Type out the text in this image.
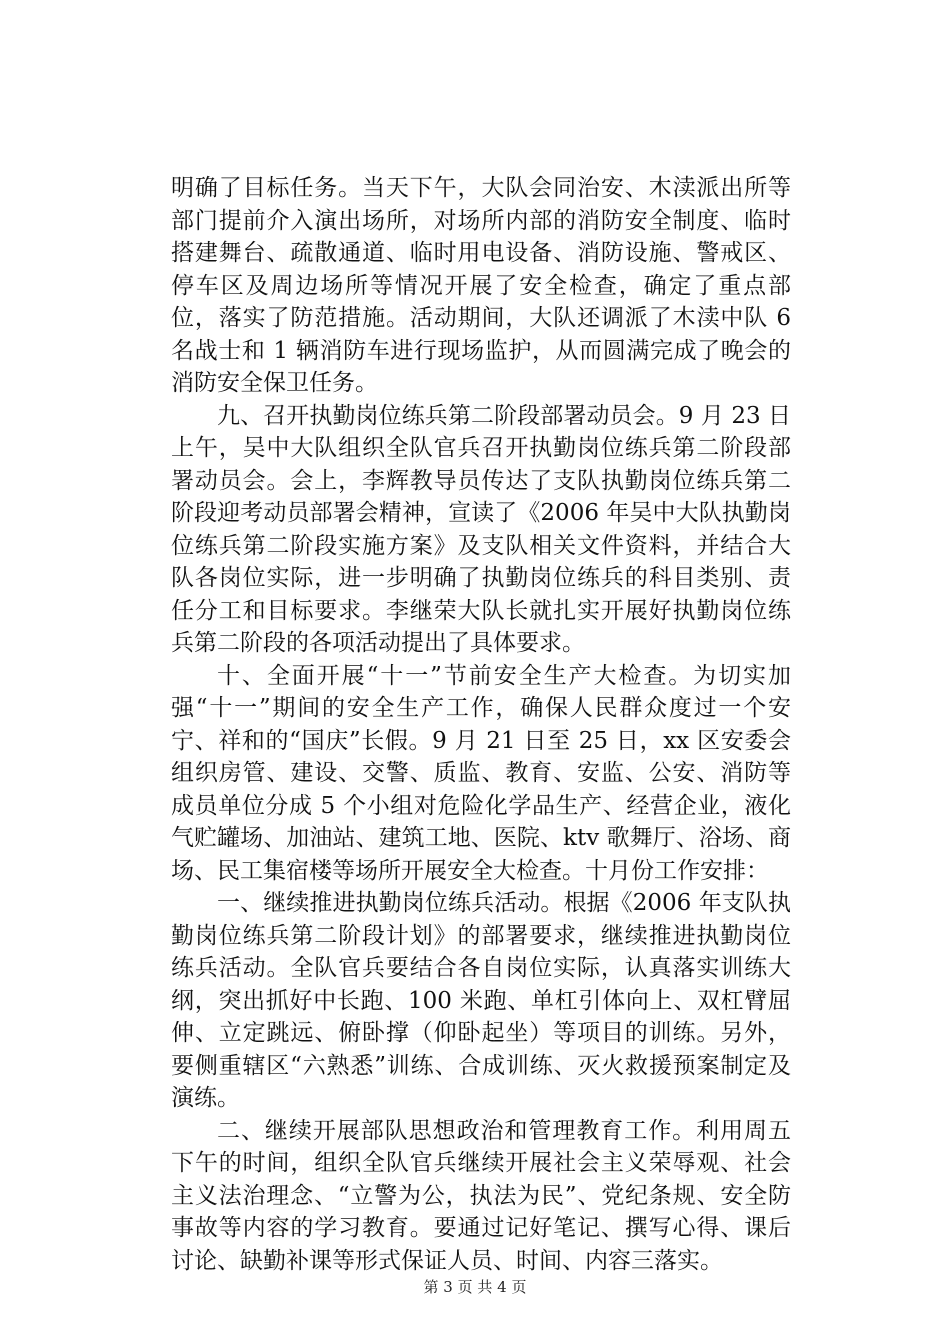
明确了目标任务。当天下午，大队会同治安、木渎派出所等部门提前介入演出场所，对场所内部的消防安全制度、临时搭建舞台、疏散通道、临时用电设备、消防设施、警戒区、停车区及周边场所等情况开展了安全检查，确定了重点部位，落实了防范措施。活动期间，大队还调派了木渎中队 6 名战士和 1 辆消防车进行现场监护，从而圆满完成了晚会的消防安全保卫任务。

九、召开执勤岗位练兵第二阶段部署动员会。9 月 23 日上午，吴中大队组织全队官兵召开执勤岗位练兵第二阶段部署动员会。会上，李辉教导员传达了支队执勤岗位练兵第二阶段迎考动员部署会精神，宣读了《2006 年吴中大队执勤岗位练兵第二阶段实施方案》及支队相关文件资料，并结合大队各岗位实际，进一步明确了执勤岗位练兵的科目类别、责任分工和目标要求。李继荣大队长就扎实开展好执勤岗位练兵第二阶段的各项活动提出了具体要求。

十、全面开展“十一”节前安全生产大检查。为切实加强“十一”期间的安全生产工作，确保人民群众度过一个安宁、祥和的“国庆”长假。9 月 21 日至 25 日，xx 区安委会组织房管、建设、交警、质监、教育、安监、公安、消防等成员单位分成 5 个小组对危险化学品生产、经营企业，液化气贮罐场、加油站、建筑工地、医院、ktv 歌舞厅、浴场、商场、民工集宿楼等场所开展安全大检查。十月份工作安排：

一、继续推进执勤岗位练兵活动。根据《2006 年支队执勤岗位练兵第二阶段计划》的部署要求，继续推进执勤岗位练兵活动。全队官兵要结合各自岗位实际，认真落实训练大纲，突出抓好中长跑、100 米跑、单杠引体向上、双杠臂屈伸、立定跳远、俯卧撑（仰卧起坐）等项目的训练。另外，要侧重辖区“六熟悉”训练、合成训练、灭火救援预案制定及演练。

二、继续开展部队思想政治和管理教育工作。利用周五下午的时间，组织全队官兵继续开展社会主义荣辱观、社会主义法治理念、“立警为公，执法为民”、党纪条规、安全防事故等内容的学习教育。要通过记好笔记、撰写心得、课后讨论、缺勤补课等形式保证人员、时间、内容三落实。

第 3 页 共 4 页
